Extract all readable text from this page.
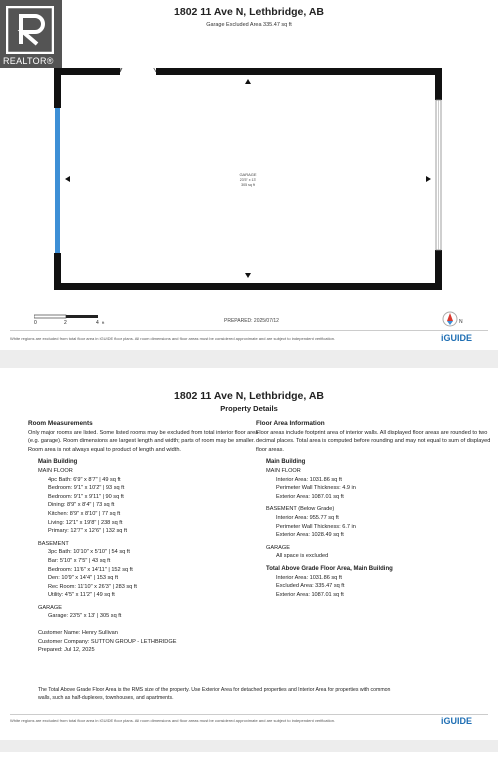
REALTOR®
1802 11 Ave N, Lethbridge, AB
Garage Excluded Area 335.47 sq ft
GARAGE
23'5" x 13'
305 sq ft
0	2	4 ft	PREPARED: 2025/07/12	N
White regions are excluded from total floor area in iGUIDE floor plans. All room dimensions and floor areas must be considered approximate and are subject to independent verification.	iGUIDE
1802 11 Ave N, Lethbridge, AB
Property Details
Room Measurements
Only major rooms are listed. Some listed rooms may be excluded from total interior floor area
(e.g. garage). Room dimensions are largest length and width; parts of room may be smaller.
Room area is not always equal to product of length and width.
Main Building
MAIN FLOOR
4pc Bath: 6'9" x 8'7" | 49 sq ft
Bedroom: 9'1" x 10'2" | 93 sq ft
Bedroom: 9'1" x 9'11" | 90 sq ft
Dining: 8'9" x 8'4" | 73 sq ft
Kitchen: 8'9" x 8'10" | 77 sq ft
Living: 12'1" x 19'8" | 238 sq ft
Primary: 12'7" x 12'6" | 132 sq ft
BASEMENT
3pc Bath: 10'10" x 5'10" | 54 sq ft
Bar: 5'10" x 7'5" | 43 sq ft
Bedroom: 11'6" x 14'11" | 152 sq ft
Den: 10'9" x 14'4" | 153 sq ft
Rec Room: 11'10" x 26'3" | 283 sq ft
Utility: 4'5" x 11'2" | 49 sq ft
GARAGE
Garage: 23'5" x 13' | 305 sq ft
Customer Name: Henry Sullivan
Customer Company: SUTTON GROUP - LETHBRIDGE
Prepared: Jul 12, 2025
Floor Area Information
Floor areas include footprint area of interior walls. All displayed floor areas are rounded to two
decimal places. Total area is computed before rounding and may not equal to sum of displayed
floor areas.
Main Building
MAIN FLOOR
Interior Area: 1031.86 sq ft
Perimeter Wall Thickness: 4.9 in
Exterior Area: 1087.01 sq ft
BASEMENT (Below Grade)
Interior Area: 955.77 sq ft
Perimeter Wall Thickness: 6.7 in
Exterior Area: 1028.49 sq ft
GARAGE
All space is excluded
Total Above Grade Floor Area, Main Building
Interior Area: 1031.86 sq ft
Excluded Area: 335.47 sq ft
Exterior Area: 1087.01 sq ft
The Total Above Grade Floor Area is the RMS size of the property. Use Exterior Area for detached properties and Interior Area for properties with common
walls, such as half-duplexes, townhouses, and apartments.
White regions are excluded from total floor area in iGUIDE floor plans. All room dimensions and floor areas must be considered approximate and are subject to independent verification.	iGUIDE
